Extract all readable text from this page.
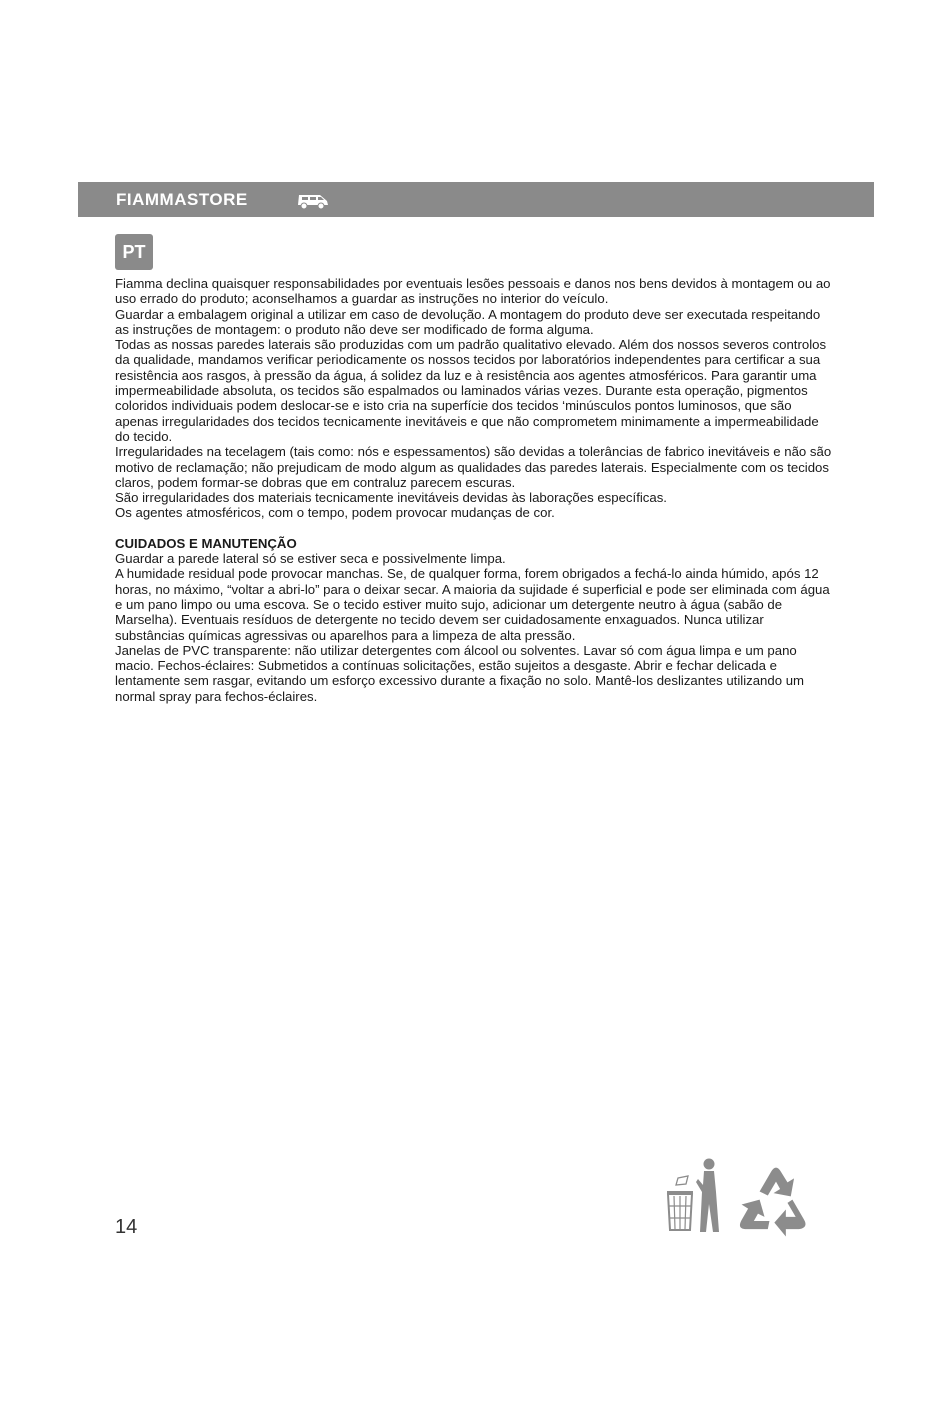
FIAMMASTORE
PT

Fiamma declina quaisquer responsabilidades por eventuais lesões pessoais e danos nos bens devidos à montagem ou ao uso errado do produto; aconselhamos a guardar as instruções no interior do veículo.

Guardar a embalagem original a utilizar em caso de devolução. A montagem do produto deve ser executada respeitando as instruções de montagem: o produto não deve ser modificado de forma alguma.

Todas as nossas paredes laterais são produzidas com um padrão qualitativo elevado. Além dos nossos severos controlos da qualidade, mandamos verificar periodicamente os nossos tecidos por laboratórios independentes para certificar a sua resistência aos rasgos, à pressão da água, á solidez da luz e à resistência aos agentes atmosféricos. Para garantir uma impermeabilidade absoluta, os tecidos são espalmados ou laminados várias vezes. Durante esta operação, pigmentos coloridos individuais podem deslocar-se e isto cria na superfície dos tecidos ‘minúsculos pontos luminosos, que são apenas irregularidades dos tecidos tecnicamente inevitáveis e que não comprometem minimamente a impermeabilidade do tecido.

Irregularidades na tecelagem (tais como: nós e espessamentos) são devidas a tolerâncias de fabrico inevitáveis e não são motivo de reclamação; não prejudicam de modo algum as qualidades das paredes laterais. Especialmente com os tecidos claros, podem formar-se dobras que em contraluz parecem escuras.

São irregularidades dos materiais tecnicamente inevitáveis devidas às laborações específicas.

Os agentes atmosféricos, com o tempo, podem provocar mudanças de cor.

CUIDADOS E MANUTENÇÃO

Guardar a parede lateral só se estiver seca e possivelmente limpa.

A humidade residual pode provocar manchas. Se, de qualquer forma, forem obrigados a fechá-lo ainda húmido, após 12 horas, no máximo, “voltar a abri-lo” para o deixar secar. A maioria da sujidade é superficial e pode ser eliminada com água e um pano limpo ou uma escova. Se o tecido estiver muito sujo, adicionar um detergente neutro à água (sabão de Marselha). Eventuais resíduos de detergente no tecido devem ser cuidadosamente enxaguados. Nunca utilizar substâncias químicas agressivas ou aparelhos para a limpeza de alta pressão.

Janelas de PVC transparente: não utilizar detergentes com álcool ou solventes. Lavar só com água limpa e um pano macio. Fechos-éclaires: Submetidos a contínuas solicitações, estão sujeitos a desgaste. Abrir e fechar delicada e lentamente sem rasgar, evitando um esforço excessivo durante a fixação no solo. Mantê-los deslizantes utilizando um normal spray para fechos-éclaires.

14
